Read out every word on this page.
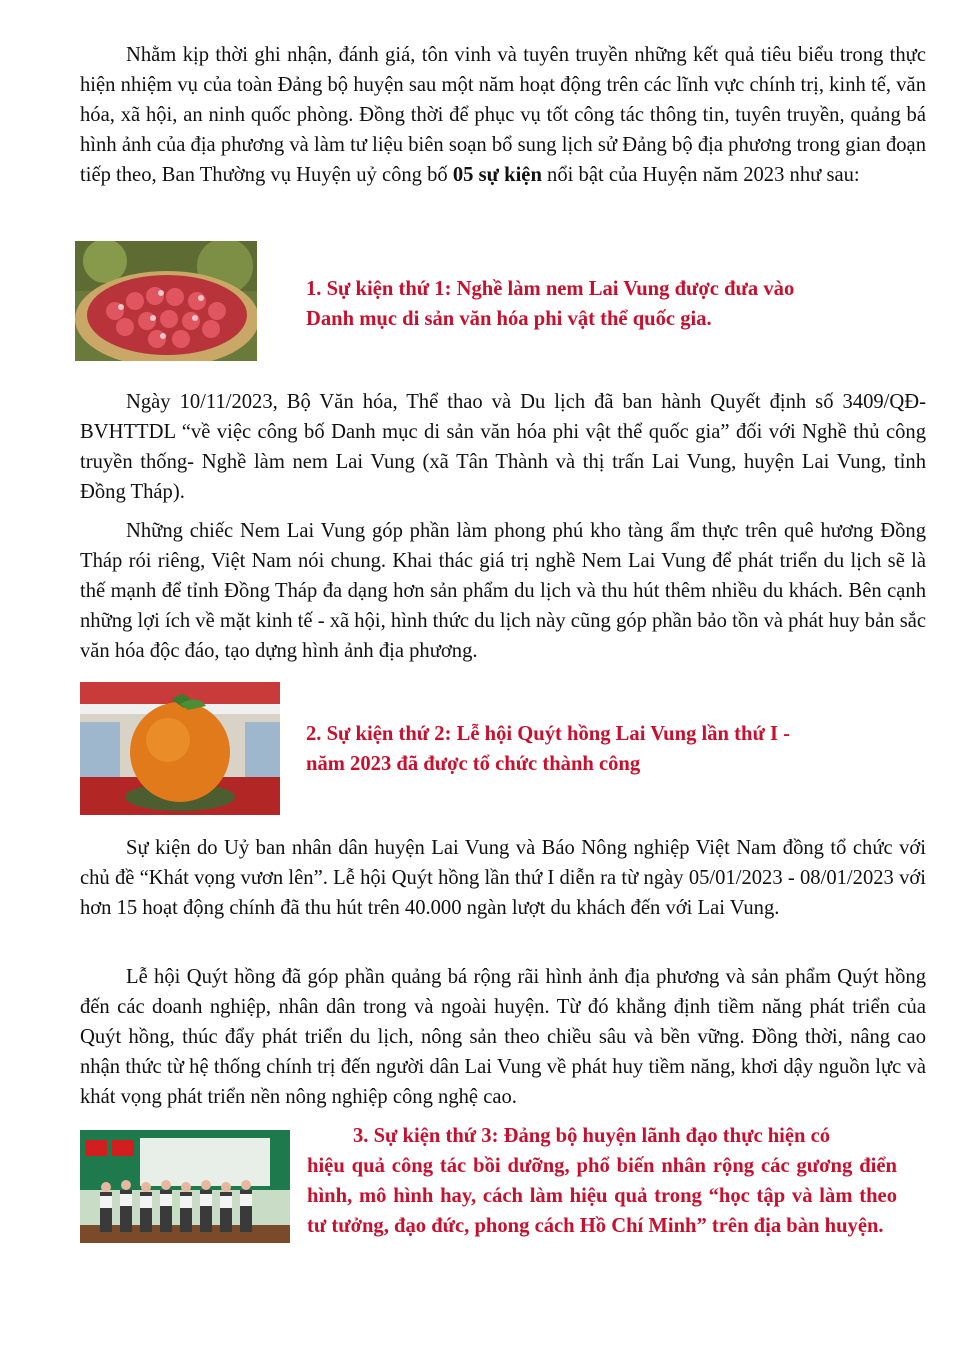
Nhằm kịp thời ghi nhận, đánh giá, tôn vinh và tuyên truyền những kết quả tiêu biểu trong thực hiện nhiệm vụ của toàn Đảng bộ huyện sau một năm hoạt động trên các lĩnh vực chính trị, kinh tế, văn hóa, xã hội, an ninh quốc phòng. Đồng thời để phục vụ tốt công tác thông tin, tuyên truyền, quảng bá hình ảnh của địa phương và làm tư liệu biên soạn bổ sung lịch sử Đảng bộ địa phương trong gian đoạn tiếp theo, Ban Thường vụ Huyện uỷ công bố 05 sự kiện nổi bật của Huyện năm 2023 như sau:

1. Sự kiện thứ 1: Nghề làm nem Lai Vung được đưa vào
Danh mục di sản văn hóa phi vật thể quốc gia.

Ngày 10/11/2023, Bộ Văn hóa, Thể thao và Du lịch đã ban hành Quyết định số 3409/QĐ-BVHTTDL “về việc công bố Danh mục di sản văn hóa phi vật thể quốc gia” đối với Nghề thủ công truyền thống- Nghề làm nem Lai Vung (xã Tân Thành và thị trấn Lai Vung, huyện Lai Vung, tỉnh Đồng Tháp).

Những chiếc Nem Lai Vung góp phần làm phong phú kho tàng ẩm thực trên quê hương Đồng Tháp rói riêng, Việt Nam nói chung. Khai thác giá trị nghề Nem Lai Vung để phát triển du lịch sẽ là thế mạnh để tỉnh Đồng Tháp đa dạng hơn sản phẩm du lịch và thu hút thêm nhiều du khách. Bên cạnh những lợi ích về mặt kinh tế - xã hội, hình thức du lịch này cũng góp phần bảo tồn và phát huy bản sắc văn hóa độc đáo, tạo dựng hình ảnh địa phương.

2. Sự kiện thứ 2: Lễ hội Quýt hồng Lai Vung lần thứ I -
năm 2023 đã được tổ chức thành công

Sự kiện do Uỷ ban nhân dân huyện Lai Vung và Báo Nông nghiệp Việt Nam đồng tổ chức với chủ đề “Khát vọng vươn lên”. Lễ hội Quýt hồng lần thứ I diễn ra từ ngày 05/01/2023 - 08/01/2023 với hơn 15 hoạt động chính đã thu hút trên 40.000 ngàn lượt du khách đến với Lai Vung.

Lễ hội Quýt hồng đã góp phần quảng bá rộng rãi hình ảnh địa phương và sản phẩm Quýt hồng đến các doanh nghiệp, nhân dân trong và ngoài huyện. Từ đó khẳng định tiềm năng phát triển của Quýt hồng, thúc đẩy phát triển du lịch, nông sản theo chiều sâu và bền vững. Đồng thời, nâng cao nhận thức từ hệ thống chính trị đến người dân Lai Vung về phát huy tiềm năng, khơi dậy nguồn lực và khát vọng phát triển nền nông nghiệp công nghệ cao.

3. Sự kiện thứ 3: Đảng bộ huyện lãnh đạo thực hiện có
hiệu quả công tác bồi dưỡng, phổ biến nhân rộng các gương điển hình, mô hình hay, cách làm hiệu quả trong “học tập và làm theo tư tưởng, đạo đức, phong cách Hồ Chí Minh” trên địa bàn huyện.
